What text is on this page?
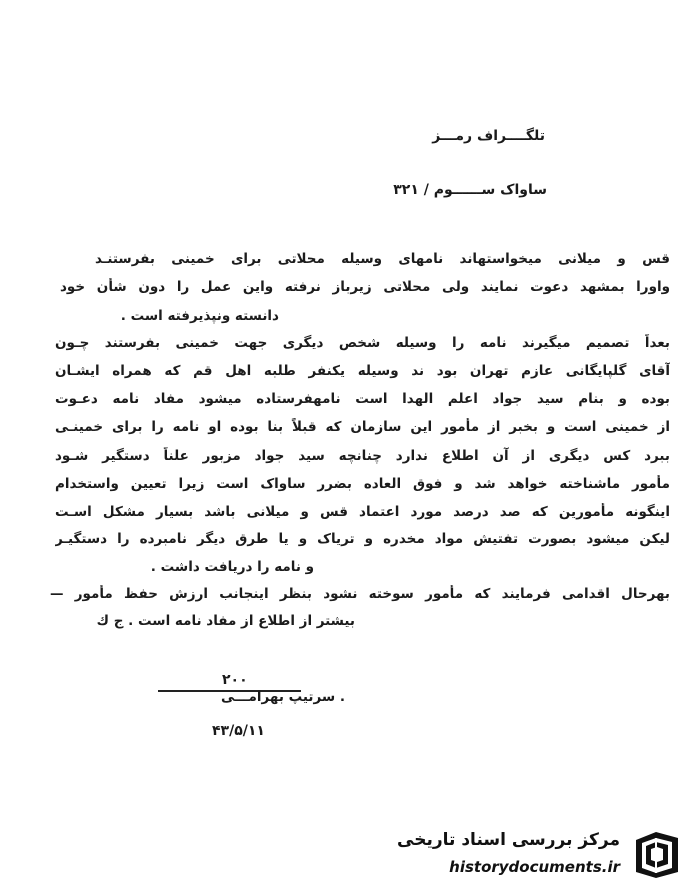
تلگــــراف رمـــز
ساواک ســــــوم / ۳۲۱
قس و میلانی میخواستهاند نامهای وسیله محلاتی برای خمینی بفرستنـد
واورا بمشهد دعوت نمایند ولی محلاتی زیرباز نرفته واین عمل را دون شأن خود
دانسته ونپذیرفته است .
بعداً تصمیم میگیرند نامه را وسیله شخص دیگری جهت خمینی بفرستند چـون
آقای گلپایگانی عازم تهران بود ند وسیله یکنفر طلبه اهل قم که همراه ایشـان
بوده و بنام سید جواد اعلم الهدا است نامهفرستاده میشود مفاد نامه دعـوت
از خمینی است و بخبر از مأمور این سازمان که قبلاً بنا بوده او نامه را برای خمینـی
ببرد کس دیگری از آن اطلاع ندارد چنانچه سید جواد مزبور علناً دستگیر شـود
مأمور ماشناخته خواهد شد و فوق العاده بضرر ساواک است زیرا تعیین واستخدام
اینگونه مأمورین که صد درصد مورد اعتماد قس و میلانی باشد بسیار مشکل اسـت
لیکن میشود بصورت تفتیش مواد مخدره و تریاک و یا طرق دیگر نامبرده را دستگیـر
و نامه را دریافت داشت .
بهرحال اقدامی فرمایند که مأمور سوخته نشود بنظر اینجانب ارزش حفظ مأمور —
بیشتر از اطلاع از مفاد نامه است . ج ك
۲۰۰
. سرتیپ بهرامـــی
۴۳/۵/۱۱
مرکز بررسی اسناد تاریخی
historydocuments.ir
